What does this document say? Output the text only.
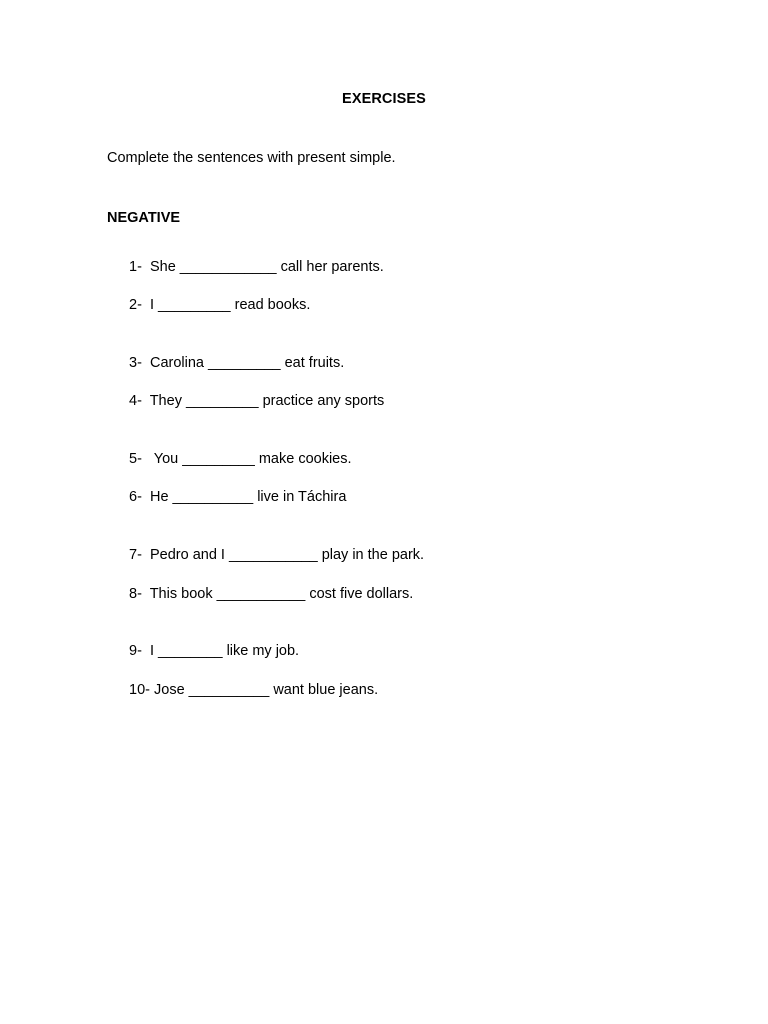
EXERCISES
Complete the sentences with present simple.
NEGATIVE
1- She ____________ call her parents.
2- I _________ read books.
3- Carolina _________ eat fruits.
4- They _________ practice any sports
5-   You _________ make cookies.
6- He __________ live in Táchira
7- Pedro and I ___________ play in the park.
8- This book ___________ cost five dollars.
9- I ________ like my job.
10- Jose __________ want blue jeans.
